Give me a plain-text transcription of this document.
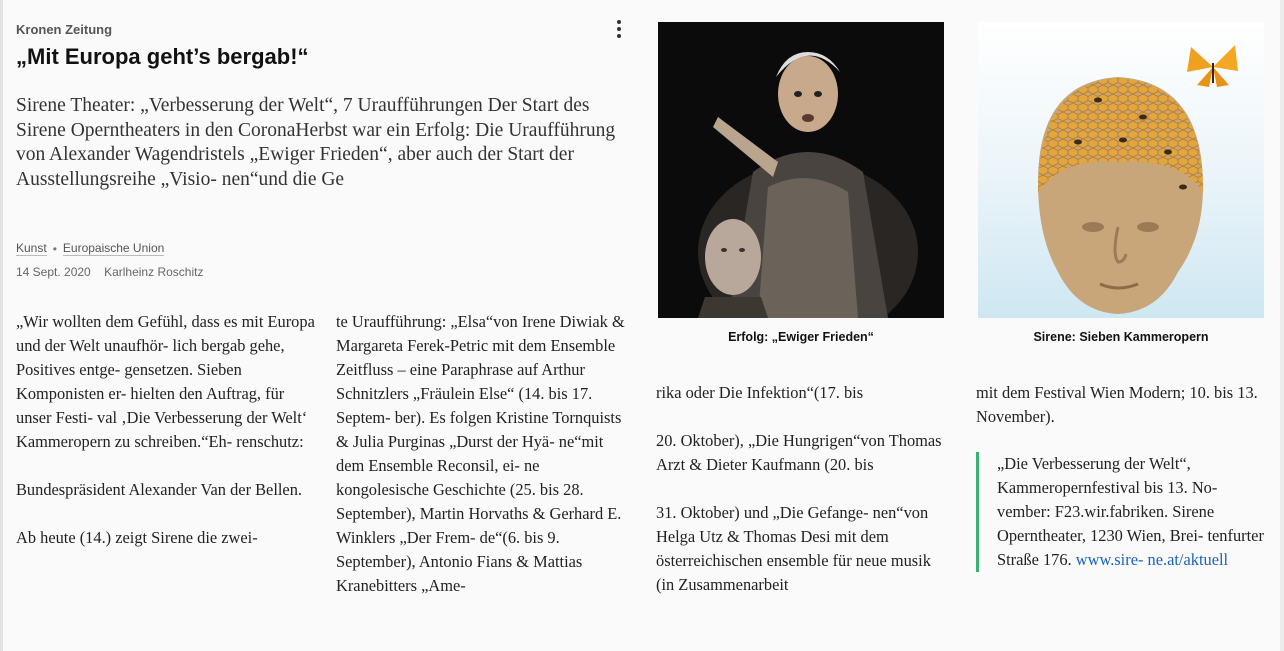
Kronen Zeitung
„Mit Europa geht’s bergab!“
Sirene Theater: „Verbesserung der Welt“, 7 Uraufführungen Der Start des Sirene Operntheaters in den CoronaHerbst war ein Erfolg: Die Uraufführung von Alexander Wagendristels „Ewiger Frieden“, aber auch der Start der Ausstellungsreihe „Visio- nen“und die Ge
Kunst • Europaische Union
14 Sept. 2020 Karlheinz Roschitz

„Wir wollten dem Gefühl, dass es mit Europa und der Welt unaufhör- lich bergab gehe, Positives entge- gensetzen. Sieben Komponisten er- hielten den Auftrag, für unser Festi- val ‚Die Verbesserung der Welt‘ Kammeropern zu schreiben.“Eh- renschutz:

Bundespräsident Alexander Van der Bellen.

Ab heute (14.) zeigt Sirene die zwei-

te Uraufführung: „Elsa“von Irene Diwiak & Margareta Ferek-Petric mit dem Ensemble Zeitfluss – eine Paraphrase auf Arthur Schnitzlers „Fräulein Else“ (14. bis 17. Septem- ber). Es folgen Kristine Tornquists & Julia Purginas „Durst der Hyä- ne“mit dem Ensemble Reconsil, ei- ne kongolesische Geschichte (25. bis 28. September), Martin Horvaths & Gerhard E. Winklers „Der Frem- de“(6. bis 9. September), Antonio Fians & Mattias Kranebitters „Ame-

Erfolg: „Ewiger Frieden“	Sirene: Sieben Kammeropern

rika oder Die Infektion“(17. bis

20. Oktober), „Die Hungrigen“von Thomas Arzt & Dieter Kaufmann (20. bis

31. Oktober) und „Die Gefange- nen“von Helga Utz & Thomas Desi mit dem österreichischen ensemble für neue musik (in Zusammenarbeit

mit dem Festival Wien Modern; 10. bis 13. November).

„Die Verbesserung der Welt“, Kammeropernfestival bis 13. No- vember: F23.wir.fabriken. Sirene Operntheater, 1230 Wien, Brei- tenfurter Straße 176. www.sire- ne.at/aktuell
